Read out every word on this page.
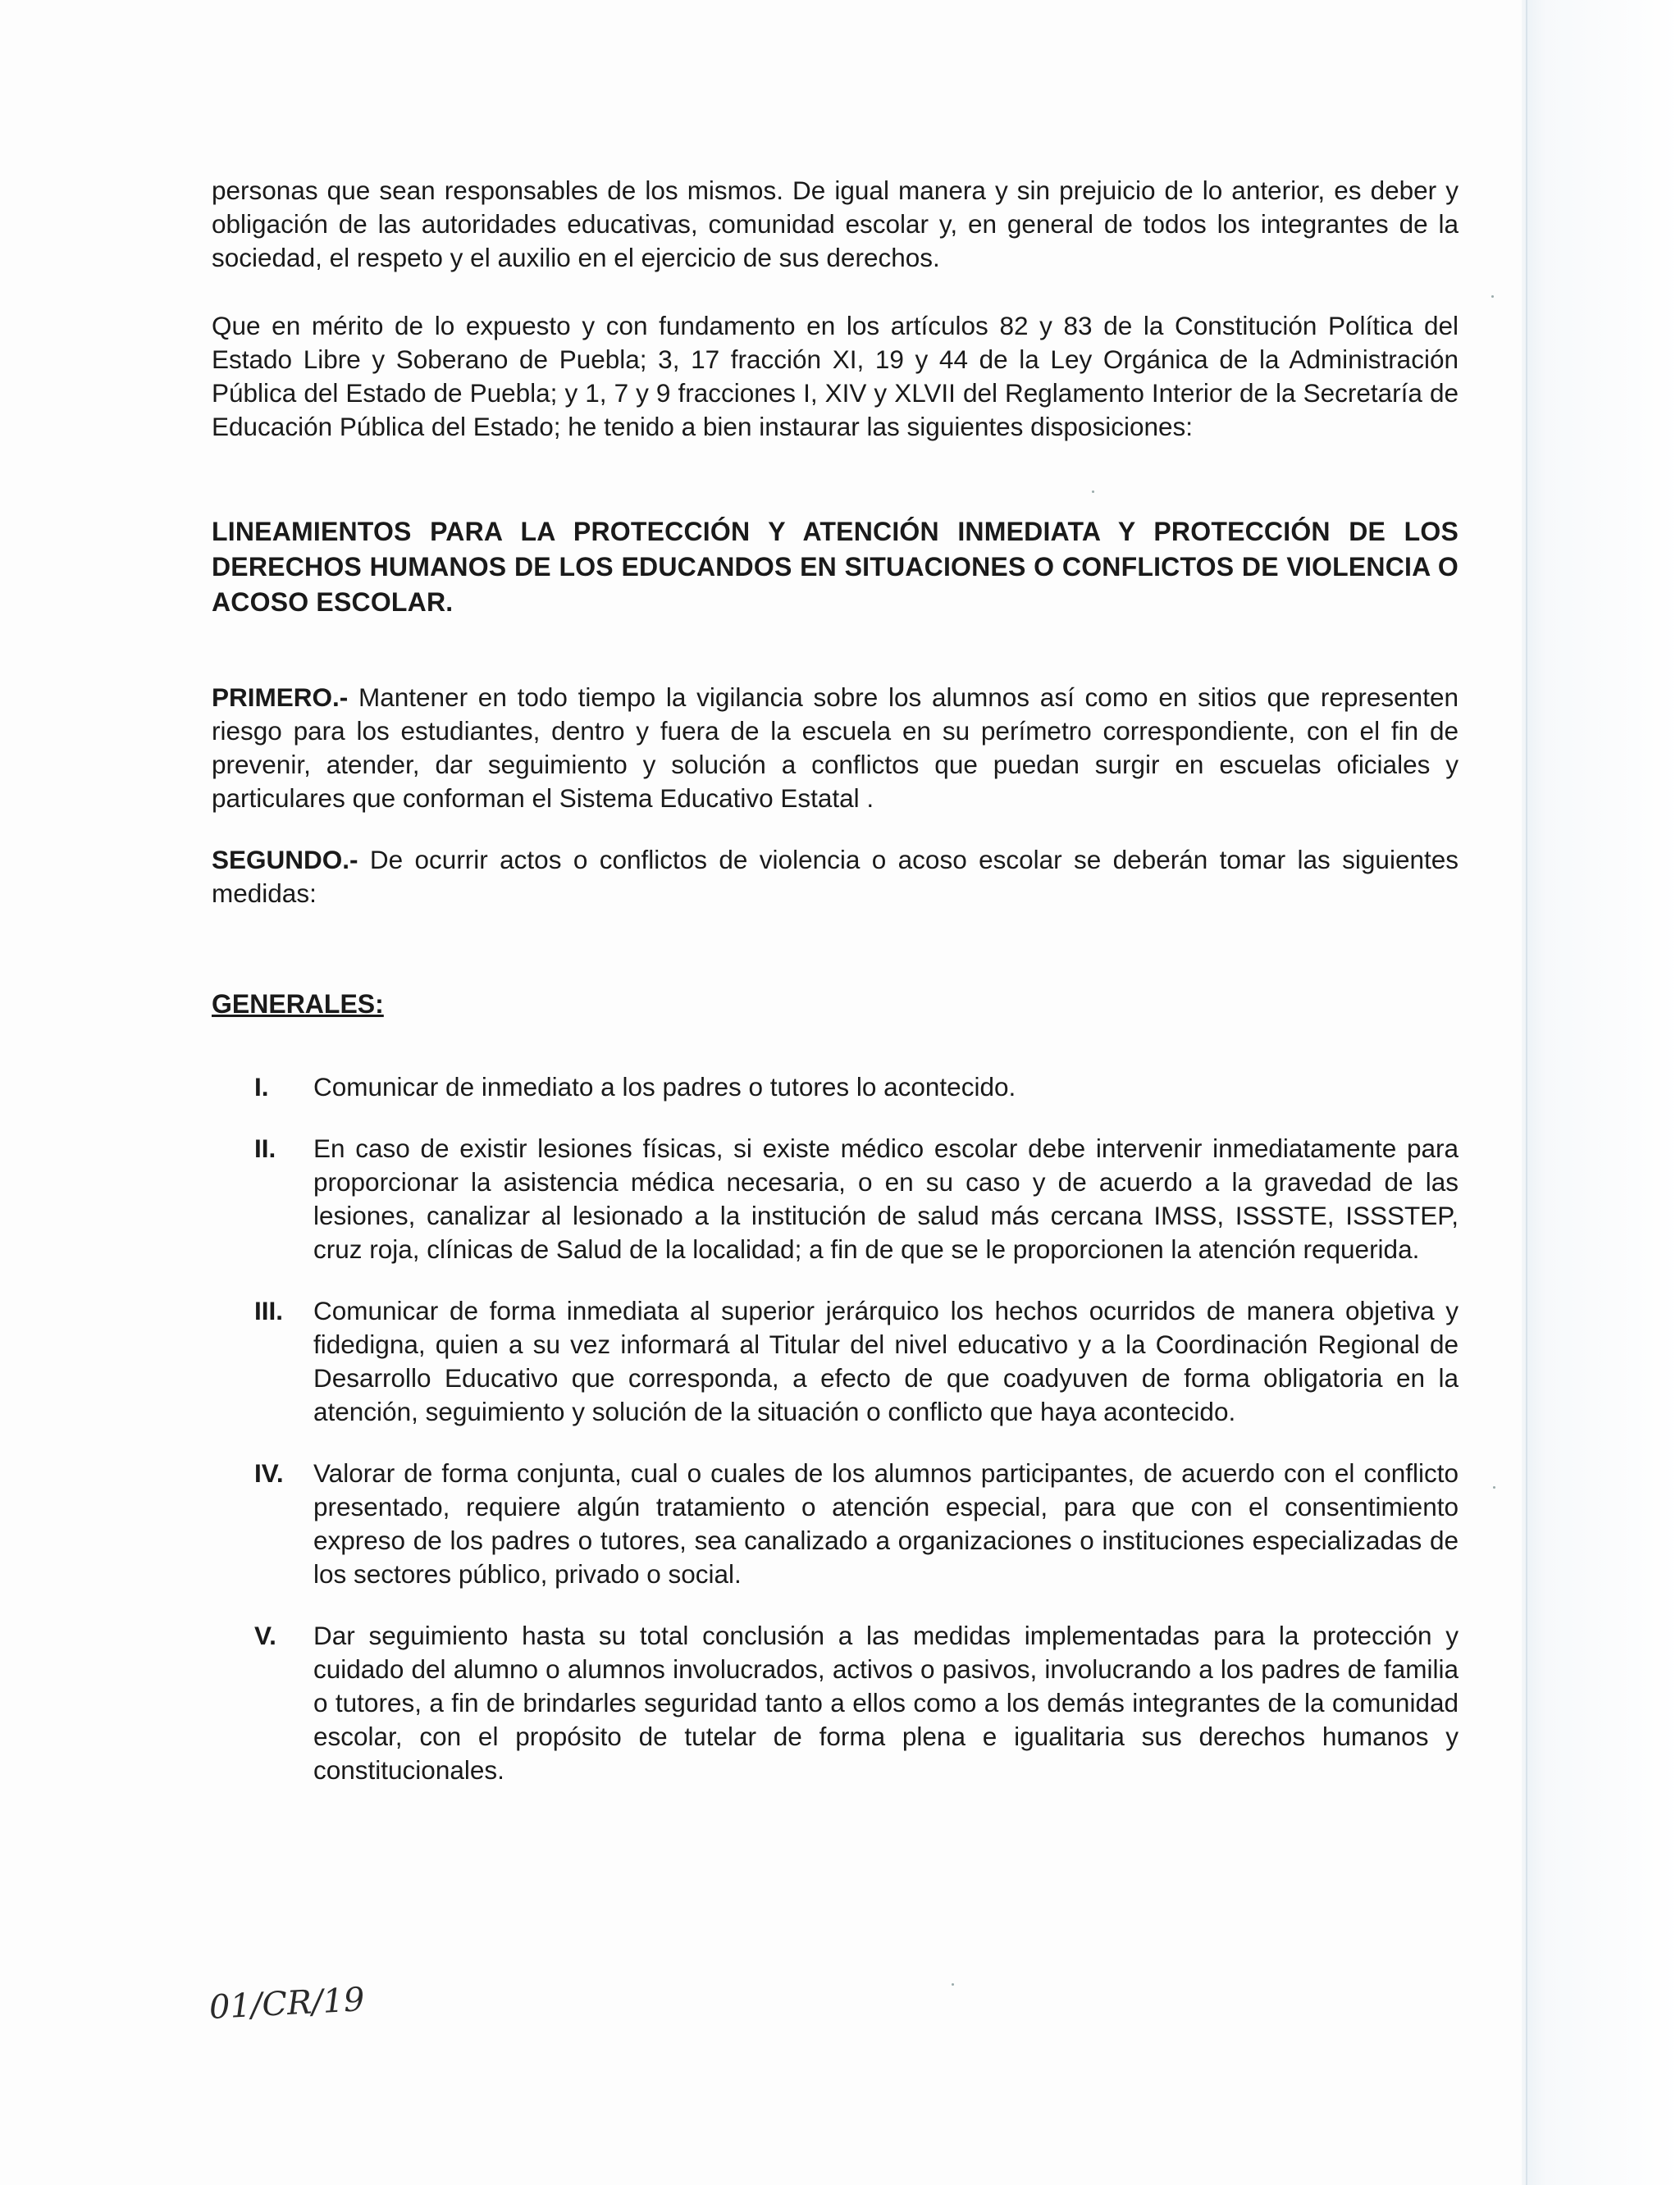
personas que sean responsables de los mismos. De igual manera y sin prejuicio de lo anterior, es deber y obligación de las autoridades educativas, comunidad escolar y, en general de todos los integrantes de la sociedad, el respeto y el auxilio en el ejercicio de sus derechos.

Que en mérito de lo expuesto y con fundamento en los artículos 82 y 83 de la Constitución Política del Estado Libre y Soberano de Puebla; 3, 17 fracción XI, 19 y 44 de la Ley Orgánica de la Administración Pública del Estado de Puebla; y 1, 7 y 9 fracciones I, XIV y XLVII del Reglamento Interior de la Secretaría de Educación Pública del Estado; he tenido a bien instaurar las siguientes disposiciones:

LINEAMIENTOS PARA LA PROTECCIÓN Y ATENCIÓN INMEDIATA Y PROTECCIÓN DE LOS DERECHOS HUMANOS DE LOS EDUCANDOS EN SITUACIONES O CONFLICTOS DE VIOLENCIA O ACOSO ESCOLAR.

PRIMERO.- Mantener en todo tiempo la vigilancia sobre los alumnos así como en sitios que representen riesgo para los estudiantes, dentro y fuera de la escuela en su perímetro correspondiente, con el fin de prevenir, atender, dar seguimiento y solución a conflictos que puedan surgir en escuelas oficiales y particulares que conforman el Sistema Educativo Estatal .

SEGUNDO.- De ocurrir actos o conflictos de violencia o acoso escolar se deberán tomar las siguientes medidas:

GENERALES:
I.	Comunicar de inmediato a los padres o tutores lo acontecido.
II.	En caso de existir lesiones físicas, si existe médico escolar debe intervenir inmediatamente para proporcionar la asistencia médica necesaria, o en su caso y de acuerdo a la gravedad de las lesiones, canalizar al lesionado a la institución de salud más cercana IMSS, ISSSTE, ISSSTEP, cruz roja, clínicas de Salud de la localidad; a fin de que se le proporcionen la atención requerida.
III.	Comunicar de forma inmediata al superior jerárquico los hechos ocurridos de manera objetiva y fidedigna, quien a su vez informará al Titular del nivel educativo y a la Coordinación Regional de Desarrollo Educativo que corresponda, a efecto de que coadyuven de forma obligatoria en la atención, seguimiento y solución de la situación o conflicto que haya acontecido.
IV.	Valorar de forma conjunta, cual o cuales de los alumnos participantes, de acuerdo con el conflicto presentado, requiere algún tratamiento o atención especial, para que con el consentimiento expreso de los padres o tutores, sea canalizado a organizaciones o instituciones especializadas de los sectores público, privado o social.
V.	Dar seguimiento hasta su total conclusión a las medidas implementadas para la protección y cuidado del alumno o alumnos involucrados, activos o pasivos, involucrando a los padres de familia o tutores, a fin de brindarles seguridad tanto a ellos como a los demás integrantes de la comunidad escolar, con el propósito de tutelar de forma plena e igualitaria sus derechos humanos y constitucionales.
01/CR/19
